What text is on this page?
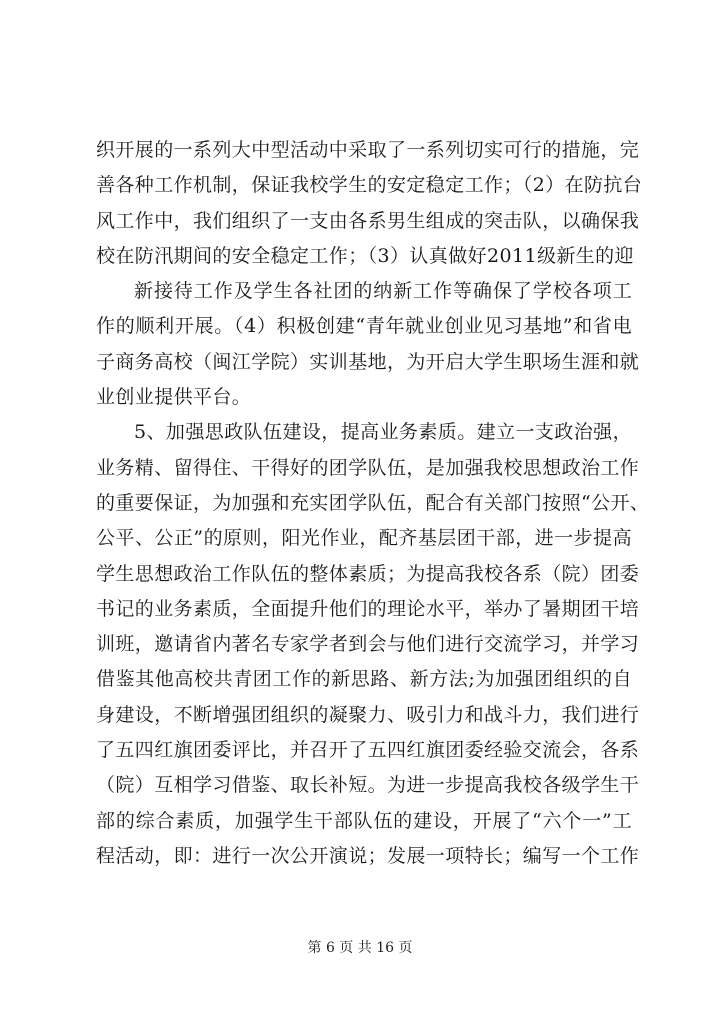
织开展的一系列大中型活动中采取了一系列切实可行的措施，完
善各种工作机制，保证我校学生的安定稳定工作；（2）在防抗台
风工作中，我们组织了一支由各系男生组成的突击队，以确保我
校在防汛期间的安全稳定工作；（3）认真做好2011级新生的迎
新接待工作及学生各社团的纳新工作等确保了学校各项工
作的顺利开展。（4）积极创建“青年就业创业见习基地”和省电
子商务高校（闽江学院）实训基地，为开启大学生职场生涯和就
业创业提供平台。
5、加强思政队伍建设，提高业务素质。建立一支政治强，
业务精、留得住、干得好的团学队伍，是加强我校思想政治工作
的重要保证，为加强和充实团学队伍，配合有关部门按照“公开、
公平、公正”的原则，阳光作业，配齐基层团干部，进一步提高
学生思想政治工作队伍的整体素质；为提高我校各系（院）团委
书记的业务素质，全面提升他们的理论水平，举办了暑期团干培
训班，邀请省内著名专家学者到会与他们进行交流学习，并学习
借鉴其他高校共青团工作的新思路、新方法;为加强团组织的自
身建设，不断增强团组织的凝聚力、吸引力和战斗力，我们进行
了五四红旗团委评比，并召开了五四红旗团委经验交流会，各系
（院）互相学习借鉴、取长补短。为进一步提高我校各级学生干
部的综合素质，加强学生干部队伍的建设，开展了“六个一”工
程活动，即：进行一次公开演说；发展一项特长；编写一个工作
第 6 页 共 16 页
